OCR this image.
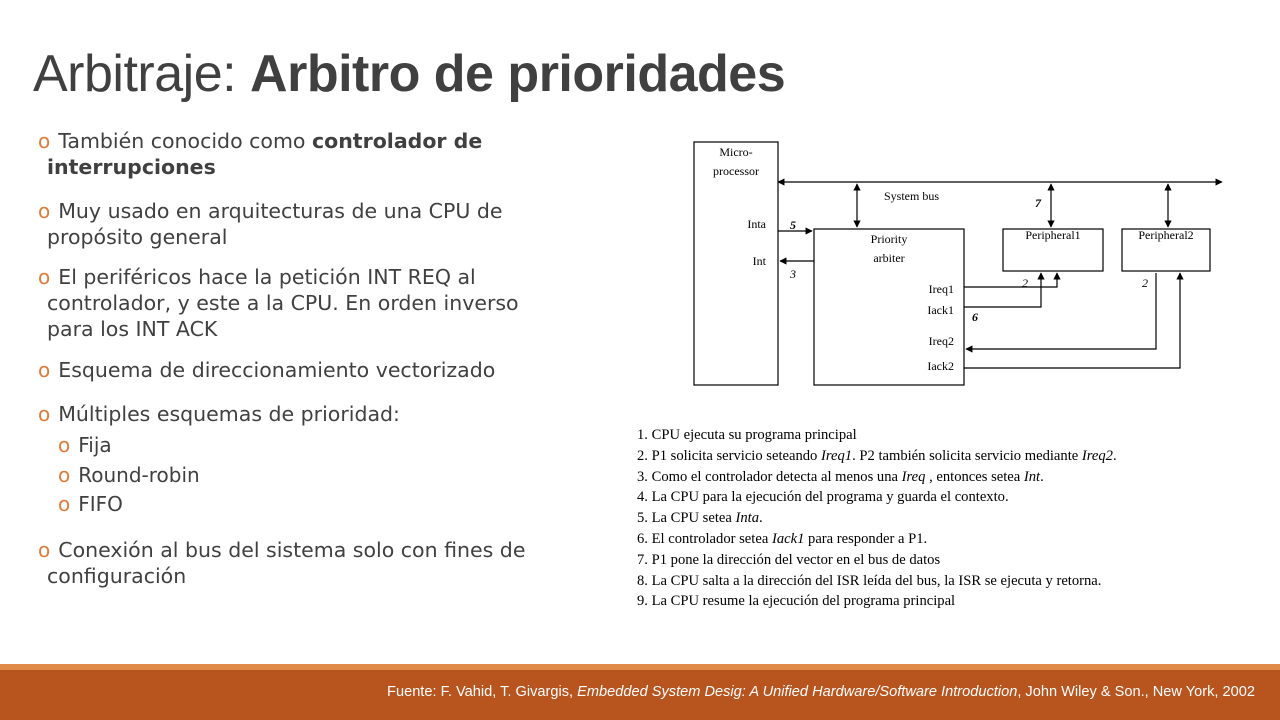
Arbitraje: Arbitro de prioridades
o También conocido como controlador de
interrupciones
o Muy usado en arquitecturas de una CPU de
propósito general
o El periféricos hace la petición INT REQ al
controlador, y este a la CPU. En orden inverso
para los INT ACK
o Esquema de direccionamiento vectorizado
o Múltiples esquemas de prioridad:
o Fija
o Round-robin
o FIFO
o Conexión al bus del sistema solo con fines de
configuración
Micro-
processor
System bus
Inta
Int
Priority
arbiter
Ireq1
Iack1
Ireq2
Iack2
Peripheral1	Peripheral2
5
3
7
6
2	2
1. CPU ejecuta su programa principal
2. P1 solicita servicio seteando Ireq1. P2 también solicita servicio mediante Ireq2.
3. Como el controlador detecta al menos una Ireq , entonces setea Int.
4. La CPU para la ejecución del programa y guarda el contexto.
5. La CPU setea Inta.
6. El controlador setea Iack1 para responder a P1.
7. P1 pone la dirección del vector en el bus de datos
8. La CPU salta a la dirección del ISR leída del bus, la ISR se ejecuta y retorna.
9. La CPU resume la ejecución del programa principal
Fuente: F. Vahid, T. Givargis, Embedded System Desig: A Unified Hardware/Software Introduction, John Wiley & Son., New York, 2002
